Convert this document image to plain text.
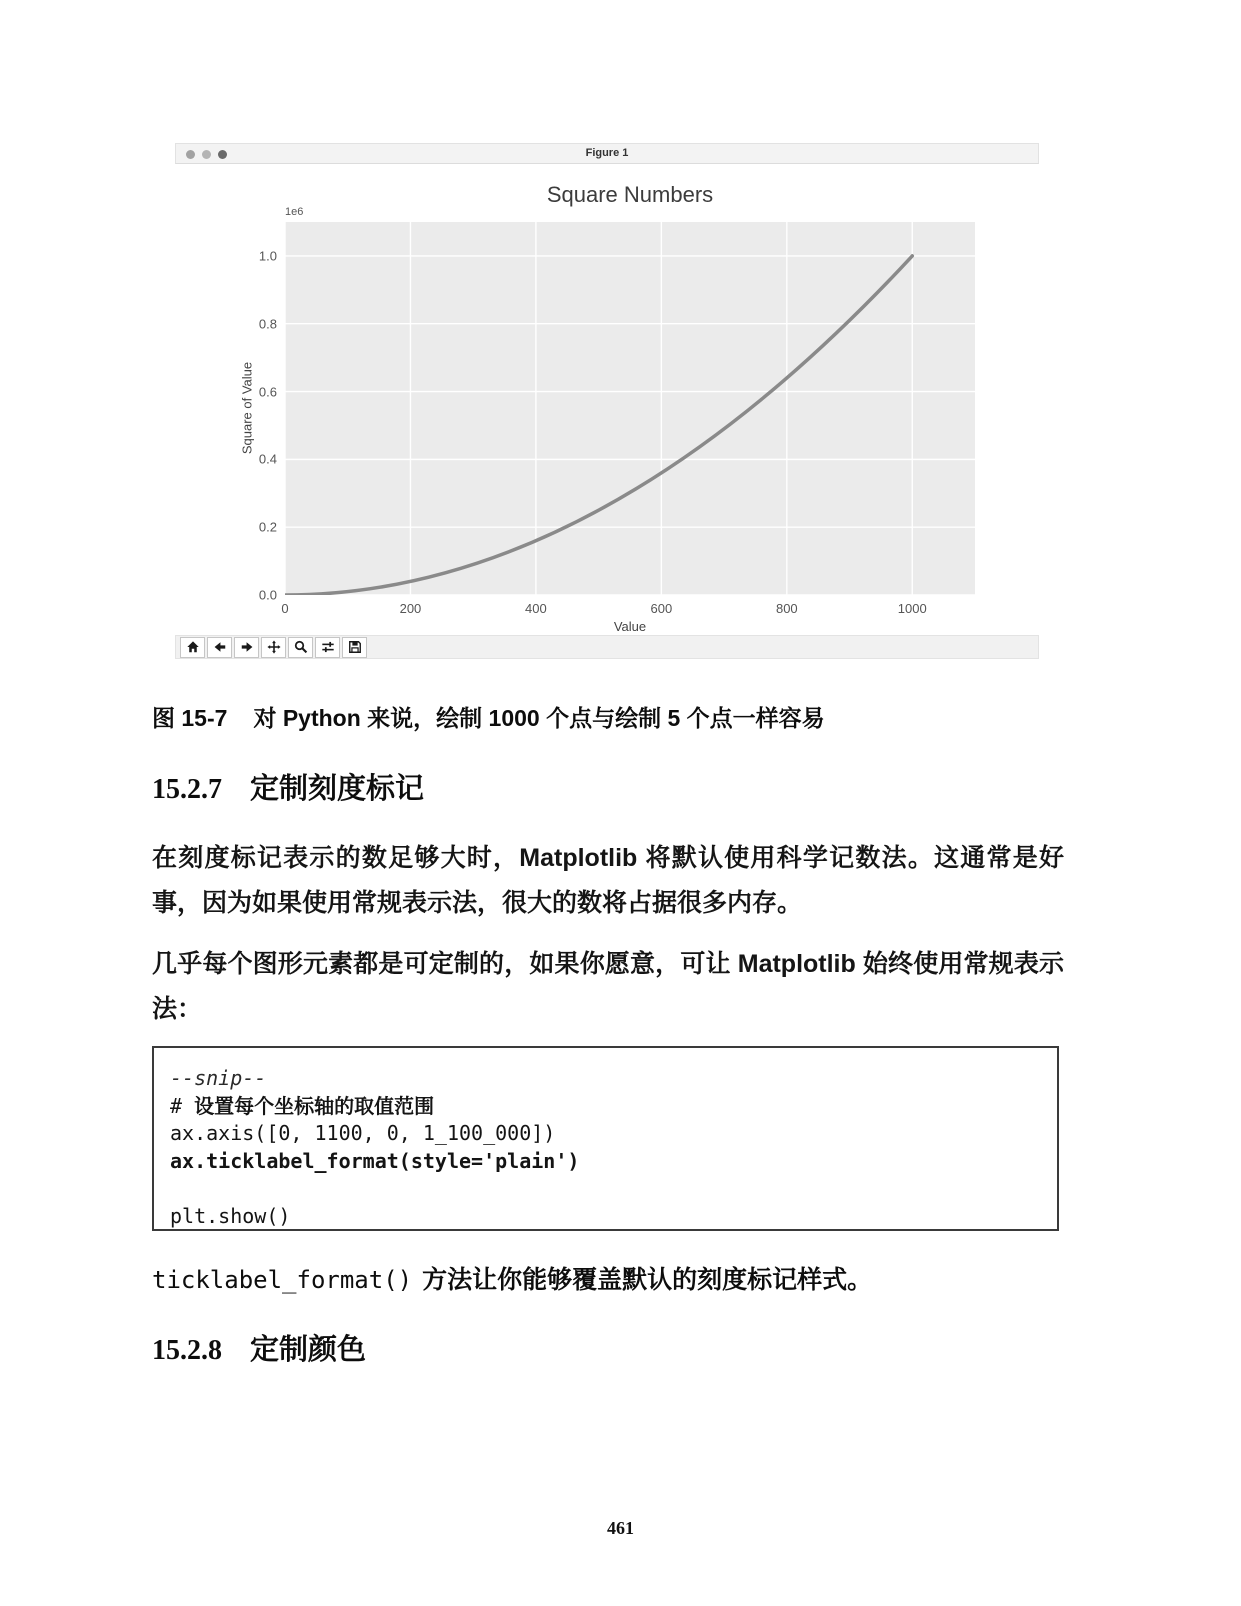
Figure 1
Square Numbers
1e6
Square of Value
0.0
0.2
0.4
0.6
0.8
1.0
0	200	400	600	800	1000
Value
图 15-7 对 Python 来说，绘制 1000 个点与绘制 5 个点一样容易
15.2.7 定制刻度标记
在刻度标记表示的数足够大时，Matplotlib 将默认使用科学记数法。这通常是好事，因为如果使用常规表示法，很大的数将占据很多内存。
几乎每个图形元素都是可定制的，如果你愿意，可让 Matplotlib 始终使用常规表示法：
--snip--
# 设置每个坐标轴的取值范围
ax.axis([0, 1100, 0, 1_100_000])
ax.ticklabel_format(style='plain')

plt.show()
ticklabel_format() 方法让你能够覆盖默认的刻度标记样式。
15.2.8 定制颜色
461
